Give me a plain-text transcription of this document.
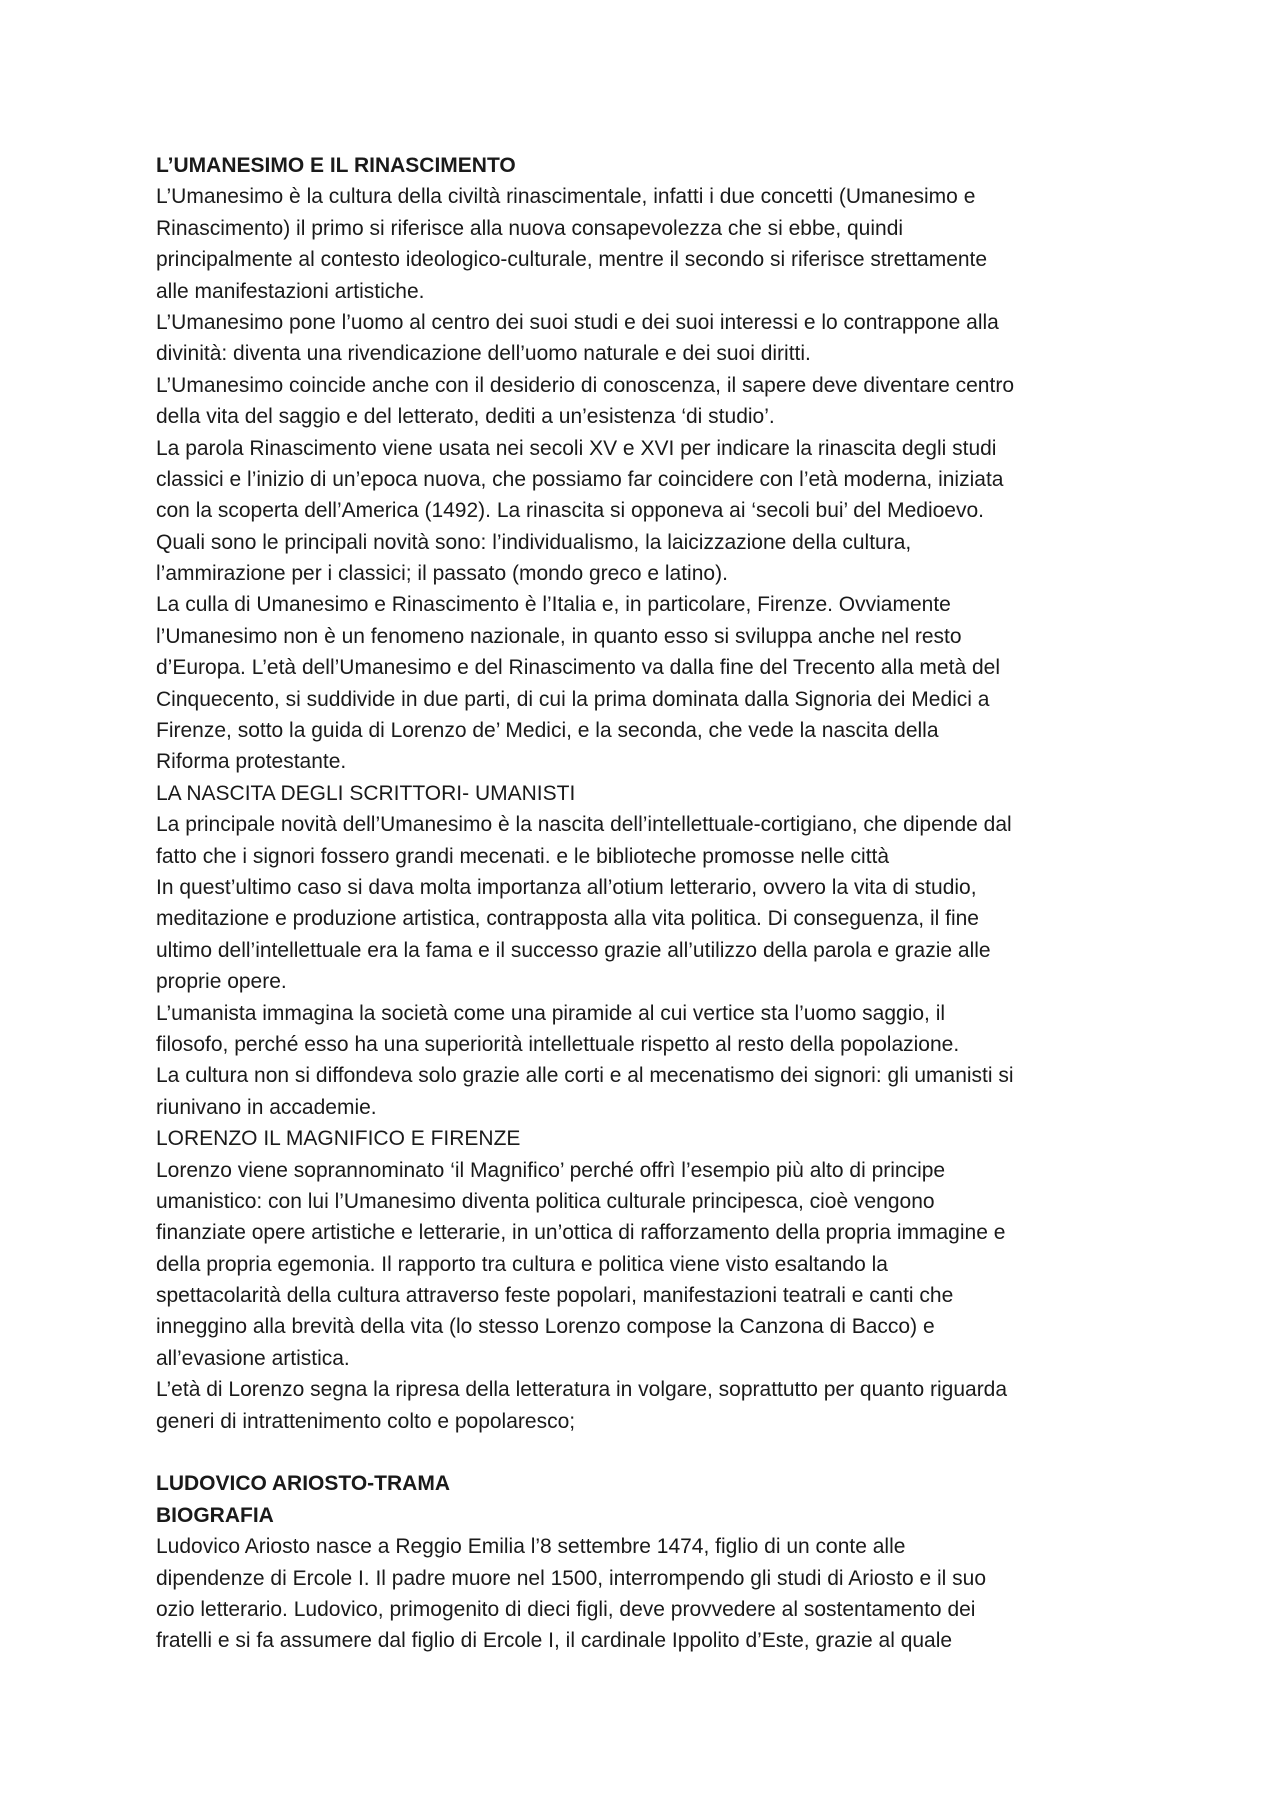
L’UMANESIMO E IL RINASCIMENTO
L’Umanesimo è la cultura della civiltà rinascimentale, infatti i due concetti (Umanesimo e
Rinascimento) il primo si riferisce alla nuova consapevolezza che si ebbe, quindi
principalmente al contesto ideologico-culturale, mentre il secondo si riferisce strettamente
alle manifestazioni artistiche.
L’Umanesimo pone l’uomo al centro dei suoi studi e dei suoi interessi e lo contrappone alla
divinità: diventa una rivendicazione dell’uomo naturale e dei suoi diritti.
L’Umanesimo coincide anche con il desiderio di conoscenza, il sapere deve diventare centro
della vita del saggio e del letterato, dediti a un’esistenza ‘di studio’.
La parola Rinascimento viene usata nei secoli XV e XVI per indicare la rinascita degli studi
classici e l’inizio di un’epoca nuova, che possiamo far coincidere con l’età moderna, iniziata
con la scoperta dell’America (1492). La rinascita si opponeva ai ‘secoli bui’ del Medioevo.
Quali sono le principali novità sono: l’individualismo, la laicizzazione della cultura,
l’ammirazione per i classici; il passato (mondo greco e latino).
La culla di Umanesimo e Rinascimento è l’Italia e, in particolare, Firenze. Ovviamente
l’Umanesimo non è un fenomeno nazionale, in quanto esso si sviluppa anche nel resto
d’Europa. L’età dell’Umanesimo e del Rinascimento va dalla fine del Trecento alla metà del
Cinquecento, si suddivide in due parti, di cui la prima dominata dalla Signoria dei Medici a
Firenze, sotto la guida di Lorenzo de’ Medici, e la seconda, che vede la nascita della
Riforma protestante.
LA NASCITA DEGLI SCRITTORI- UMANISTI
La principale novità dell’Umanesimo è la nascita dell’intellettuale-cortigiano, che dipende dal
fatto che i signori fossero grandi mecenati. e le biblioteche promosse nelle città
In quest’ultimo caso si dava molta importanza all’otium letterario, ovvero la vita di studio,
meditazione e produzione artistica, contrapposta alla vita politica. Di conseguenza, il fine
ultimo dell’intellettuale era la fama e il successo grazie all’utilizzo della parola e grazie alle
proprie opere.
L’umanista immagina la società come una piramide al cui vertice sta l’uomo saggio, il
filosofo, perché esso ha una superiorità intellettuale rispetto al resto della popolazione.
La cultura non si diffondeva solo grazie alle corti e al mecenatismo dei signori: gli umanisti si
riunivano in accademie.
LORENZO IL MAGNIFICO E FIRENZE
Lorenzo viene soprannominato ‘il Magnifico’ perché offrì l’esempio più alto di principe
umanistico: con lui l’Umanesimo diventa politica culturale principesca, cioè vengono
finanziate opere artistiche e letterarie, in un’ottica di rafforzamento della propria immagine e
della propria egemonia. Il rapporto tra cultura e politica viene visto esaltando la
spettacolarità della cultura attraverso feste popolari, manifestazioni teatrali e canti che
inneggino alla brevità della vita (lo stesso Lorenzo compose la Canzona di Bacco) e
all’evasione artistica.
L’età di Lorenzo segna la ripresa della letteratura in volgare, soprattutto per quanto riguarda
generi di intrattenimento colto e popolaresco;
LUDOVICO ARIOSTO-TRAMA
BIOGRAFIA
Ludovico Ariosto nasce a Reggio Emilia l’8 settembre 1474, figlio di un conte alle
dipendenze di Ercole I. Il padre muore nel 1500, interrompendo gli studi di Ariosto e il suo
ozio letterario. Ludovico, primogenito di dieci figli, deve provvedere al sostentamento dei
fratelli e si fa assumere dal figlio di Ercole I, il cardinale Ippolito d’Este, grazie al quale
